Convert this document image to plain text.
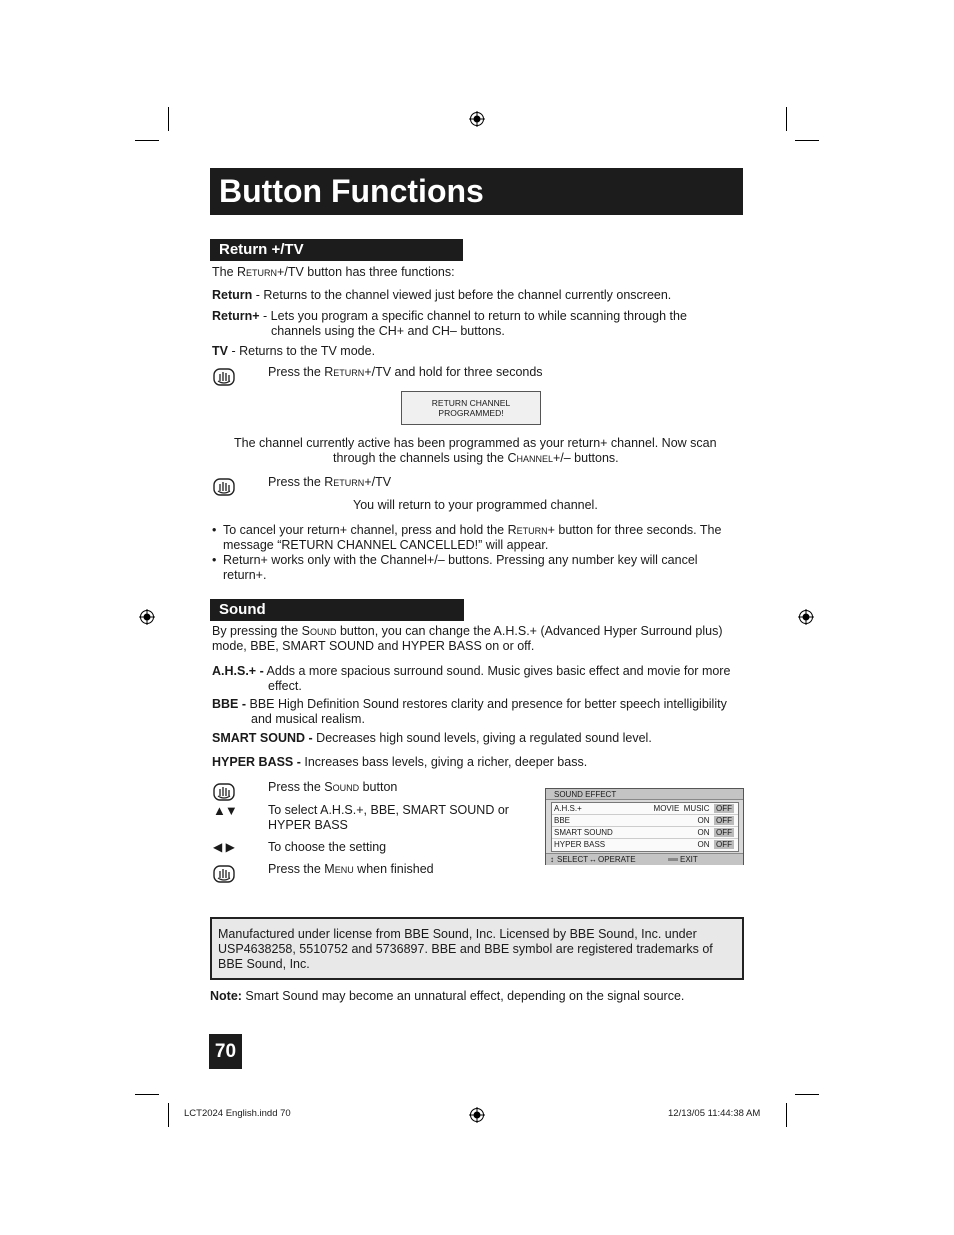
Button Functions
Return +/TV
The Return+/TV button has three functions:
Return - Returns to the channel viewed just before the channel currently onscreen.
Return+ - Lets you program a specific channel to return to while scanning through the
channels using the CH+ and CH– buttons.
TV - Returns to the TV mode.
Press the Return+/TV and hold for three seconds
RETURN CHANNEL
PROGRAMMED!
The channel currently active has been programmed as your return+ channel. Now scan
through the channels using the Channel+/– buttons.
Press the Return+/TV
You will return to your programmed channel.
• To cancel your return+ channel, press and hold the Return+ button for three seconds. The
message “RETURN CHANNEL CANCELLED!” will appear.
• Return+ works only with the Channel+/– buttons. Pressing any number key will cancel
return+.
Sound
By pressing the Sound button, you can change the A.H.S.+ (Advanced Hyper Surround plus)
mode, BBE, SMART SOUND and HYPER BASS on or off.
A.H.S.+ - Adds a more spacious surround sound. Music gives basic effect and movie for more
effect.
BBE - BBE High Definition Sound restores clarity and presence for better speech intelligibility
and musical realism.
SMART SOUND - Decreases high sound levels, giving a regulated sound level.
HYPER BASS - Increases bass levels, giving a richer, deeper bass.
Press the Sound button
▲▼	To select A.H.S.+, BBE, SMART SOUND or
HYPER BASS
◀ ▶	To choose the setting
Press the Menu when finished
SOUND EFFECT
A.H.S.+	MOVIE MUSIC OFF
BBE	ON OFF
SMART SOUND	ON OFF
HYPER BASS	ON OFF
↕ SELECT ↔ OPERATE	EXIT
Manufactured under license from BBE Sound, Inc. Licensed by BBE Sound, Inc. under
USP4638258, 5510752 and 5736897. BBE and BBE symbol are registered trademarks of
BBE Sound, Inc.
Note: Smart Sound may become an unnatural effect, depending on the signal source.
70
LCT2024 English.indd 70	12/13/05 11:44:38 AM
